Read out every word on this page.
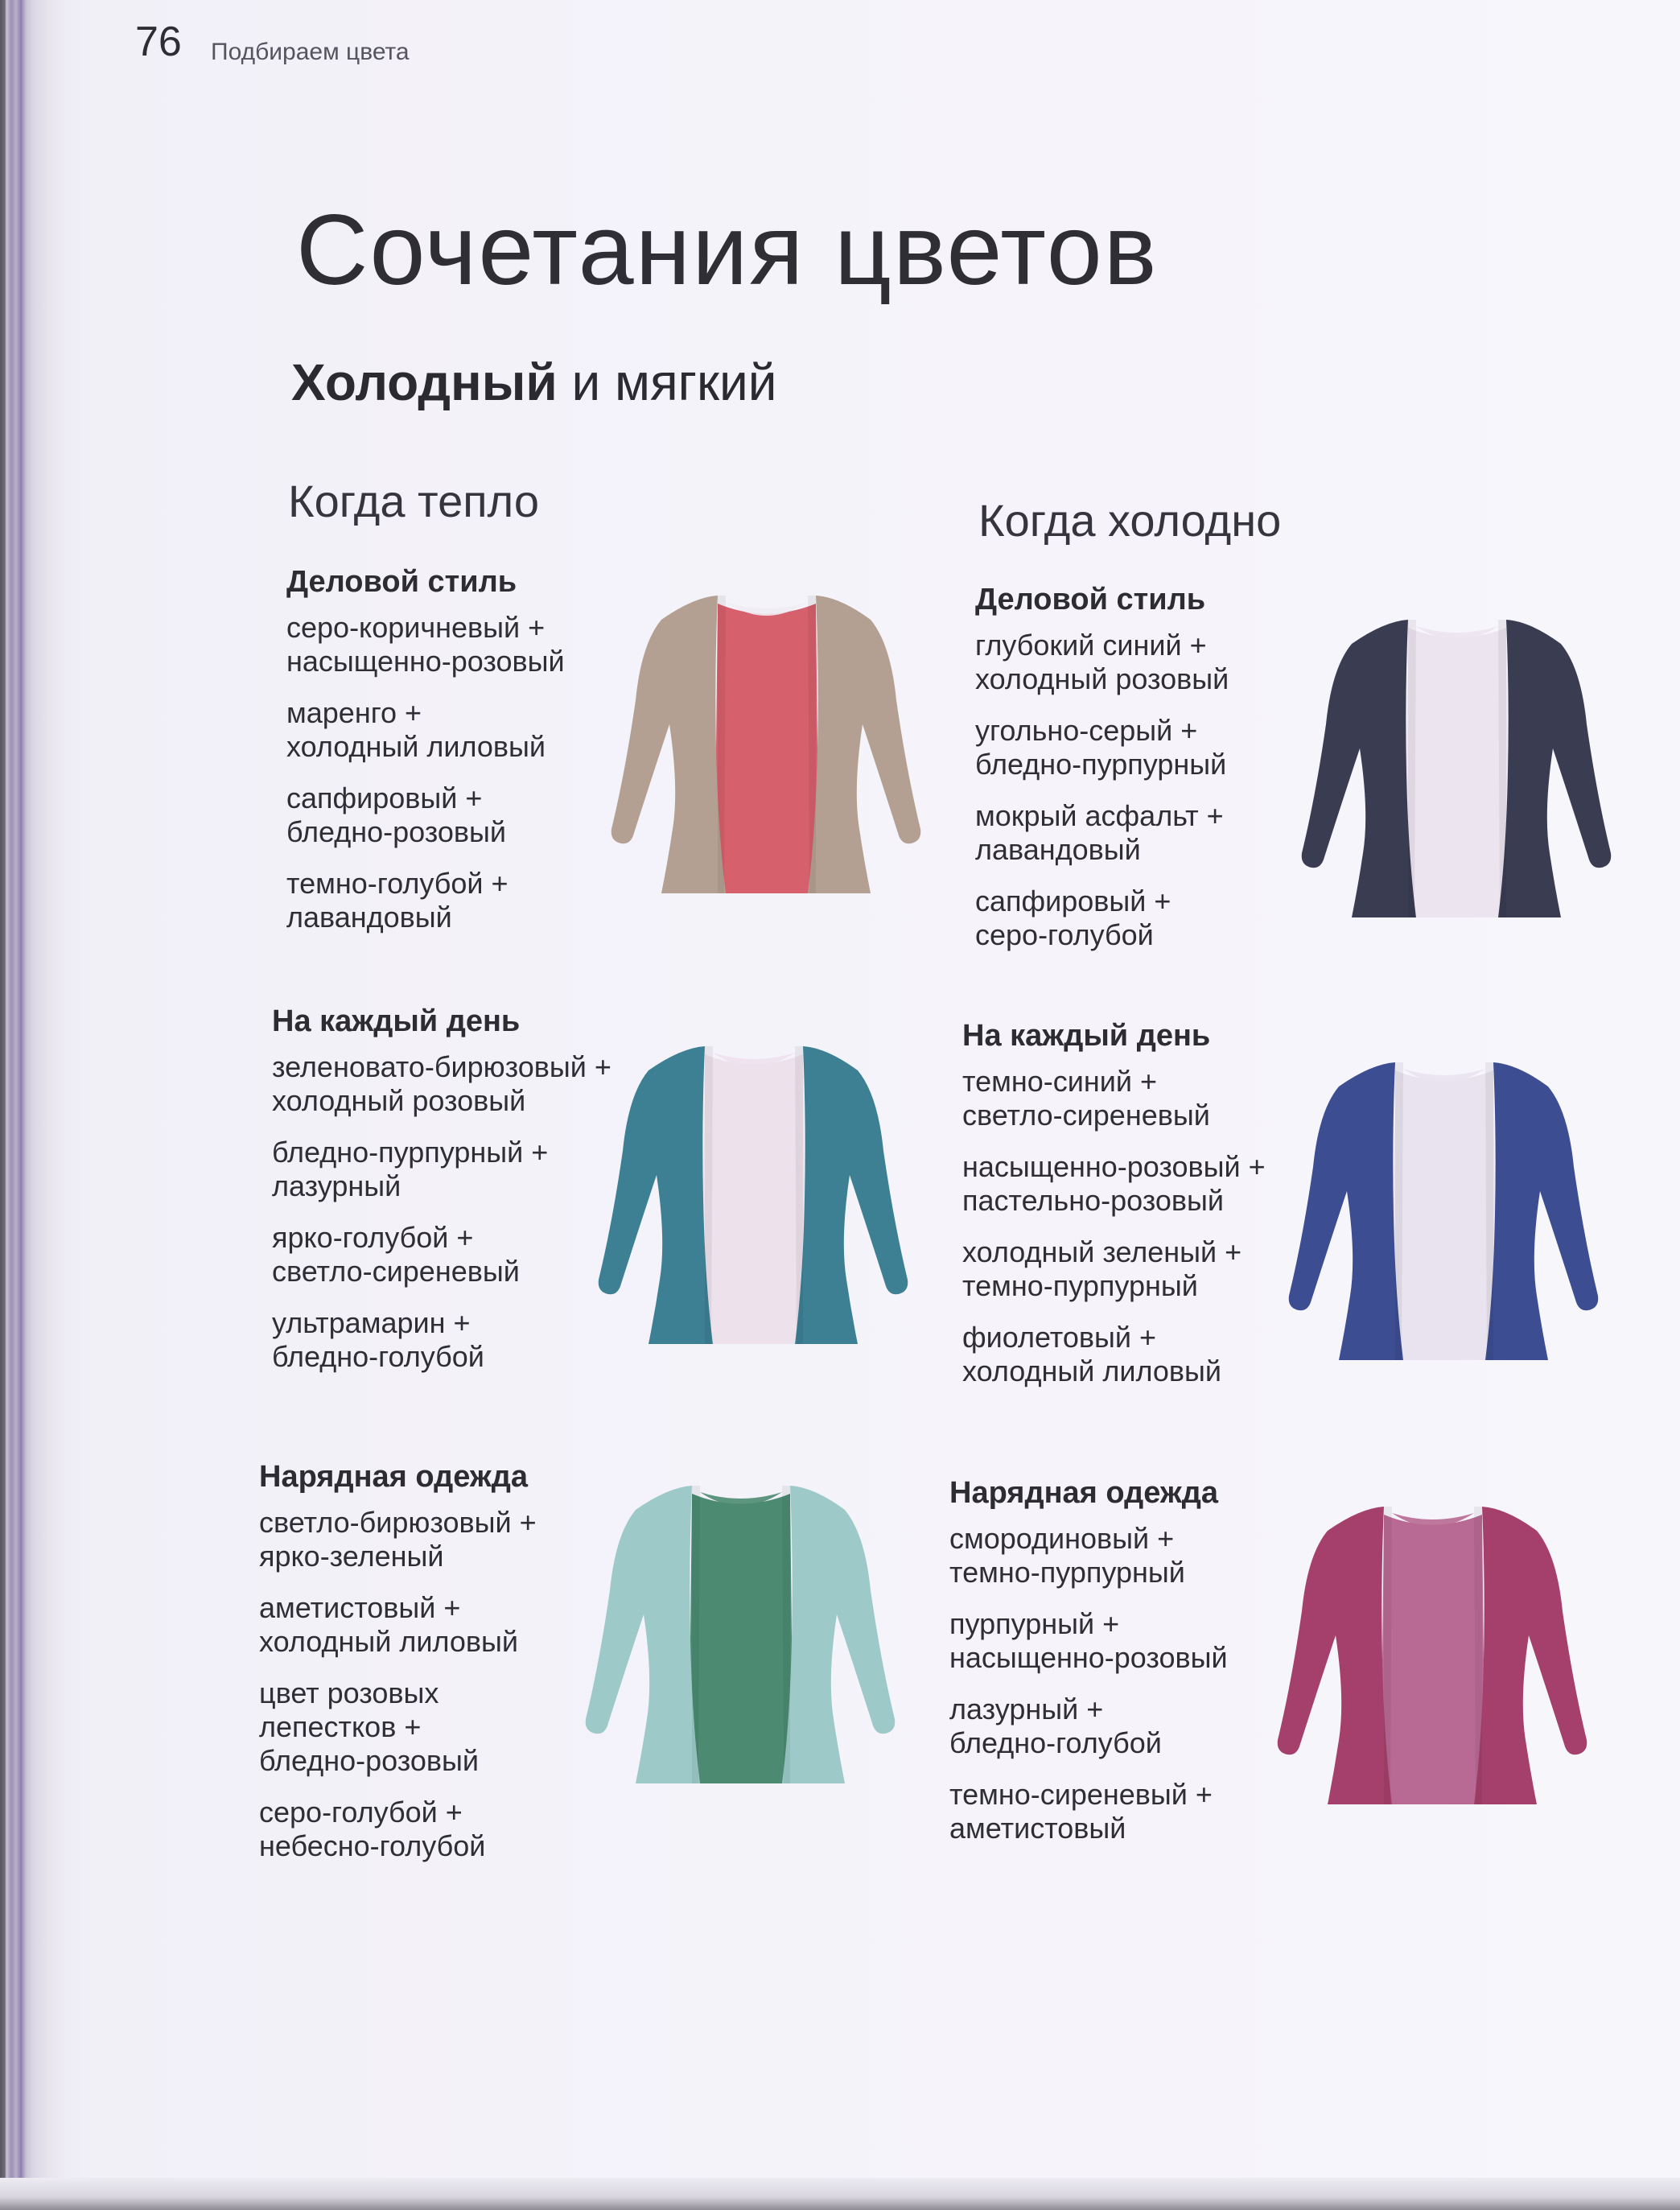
76 Подбираем цвета
Сочетания цветов
Холодный и мягкий
Когда тепло	Когда холодно
Деловой стиль
серо-коричневый +
насыщенно-розовый
маренго +
холодный лиловый
сапфировый +
бледно-розовый
темно-голубой +
лавандовый
На каждый день
зеленовато-бирюзовый +
холодный розовый
бледно-пурпурный +
лазурный
ярко-голубой +
светло-сиреневый
ультрамарин +
бледно-голубой
Нарядная одежда
светло-бирюзовый +
ярко-зеленый
аметистовый +
холодный лиловый
цвет розовых
лепестков +
бледно-розовый
серо-голубой +
небесно-голубой
Деловой стиль
глубокий синий +
холодный розовый
угольно-серый +
бледно-пурпурный
мокрый асфальт +
лавандовый
сапфировый +
серо-голубой
На каждый день
темно-синий +
светло-сиреневый
насыщенно-розовый +
пастельно-розовый
холодный зеленый +
темно-пурпурный
фиолетовый +
холодный лиловый
Нарядная одежда
смородиновый +
темно-пурпурный
пурпурный +
насыщенно-розовый
лазурный +
бледно-голубой
темно-сиреневый +
аметистовый
